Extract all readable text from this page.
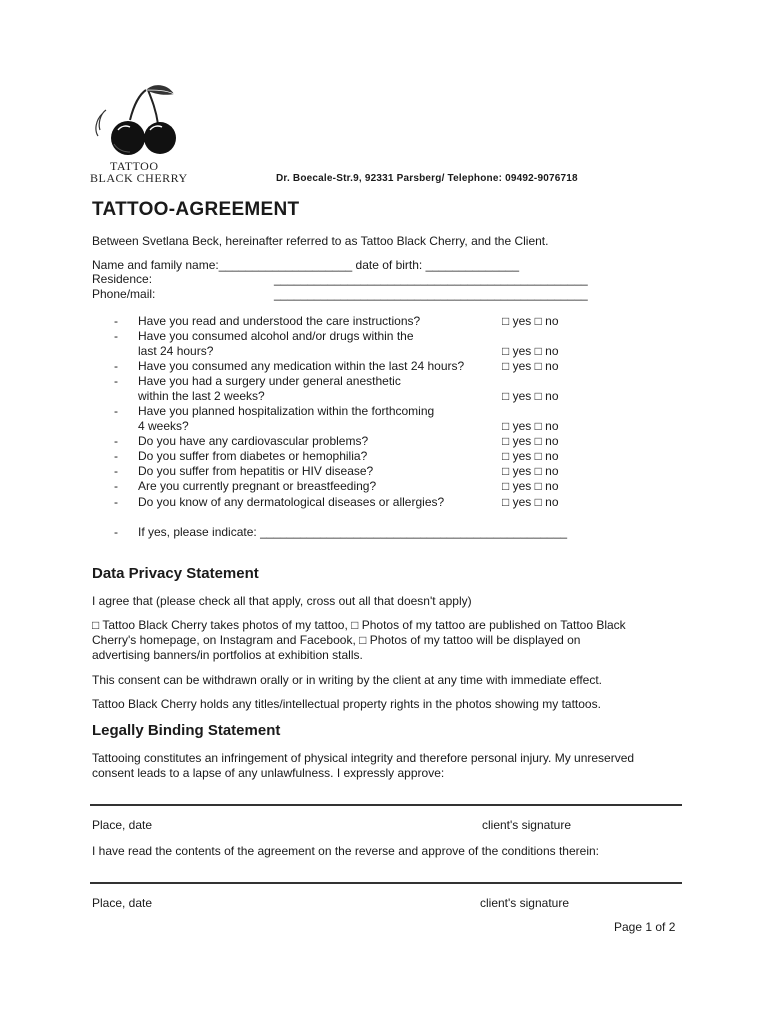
TATTOO
BLACK CHERRY	Dr. Boecale-Str.9, 92331 Parsberg/ Telephone: 09492-9076718
TATTOO-AGREEMENT
Between Svetlana Beck, hereinafter referred to as Tattoo Black Cherry, and the Client.
Name and family name:____________________ date of birth: ______________
Residence:	_______________________________________________
Phone/mail:	_______________________________________________
- Have you read and understood the care instructions?	□ yes □ no
- Have you consumed alcohol and/or drugs within the
last 24 hours?	□ yes □ no
- Have you consumed any medication within the last 24 hours?	□ yes □ no
- Have you had a surgery under general anesthetic
within the last 2 weeks?	□ yes □ no
- Have you planned hospitalization within the forthcoming
4 weeks?	□ yes □ no
- Do you have any cardiovascular problems?	□ yes □ no
- Do you suffer from diabetes or hemophilia?	□ yes □ no
- Do you suffer from hepatitis or HIV disease?	□ yes □ no
- Are you currently pregnant or breastfeeding?	□ yes □ no
- Do you know of any dermatological diseases or allergies?	□ yes □ no
- If yes, please indicate: ______________________________________________
Data Privacy Statement
I agree that (please check all that apply, cross out all that doesn't apply)
□ Tattoo Black Cherry takes photos of my tattoo, □ Photos of my tattoo are published on Tattoo Black
Cherry's homepage, on Instagram and Facebook, □ Photos of my tattoo will be displayed on
advertising banners/in portfolios at exhibition stalls.
This consent can be withdrawn orally or in writing by the client at any time with immediate effect.
Tattoo Black Cherry holds any titles/intellectual property rights in the photos showing my tattoos.
Legally Binding Statement
Tattooing constitutes an infringement of physical integrity and therefore personal injury. My unreserved
consent leads to a lapse of any unlawfulness. I expressly approve:
Place, date	client's signature
I have read the contents of the agreement on the reverse and approve of the conditions therein:
Place, date	client's signature
Page 1 of 2
